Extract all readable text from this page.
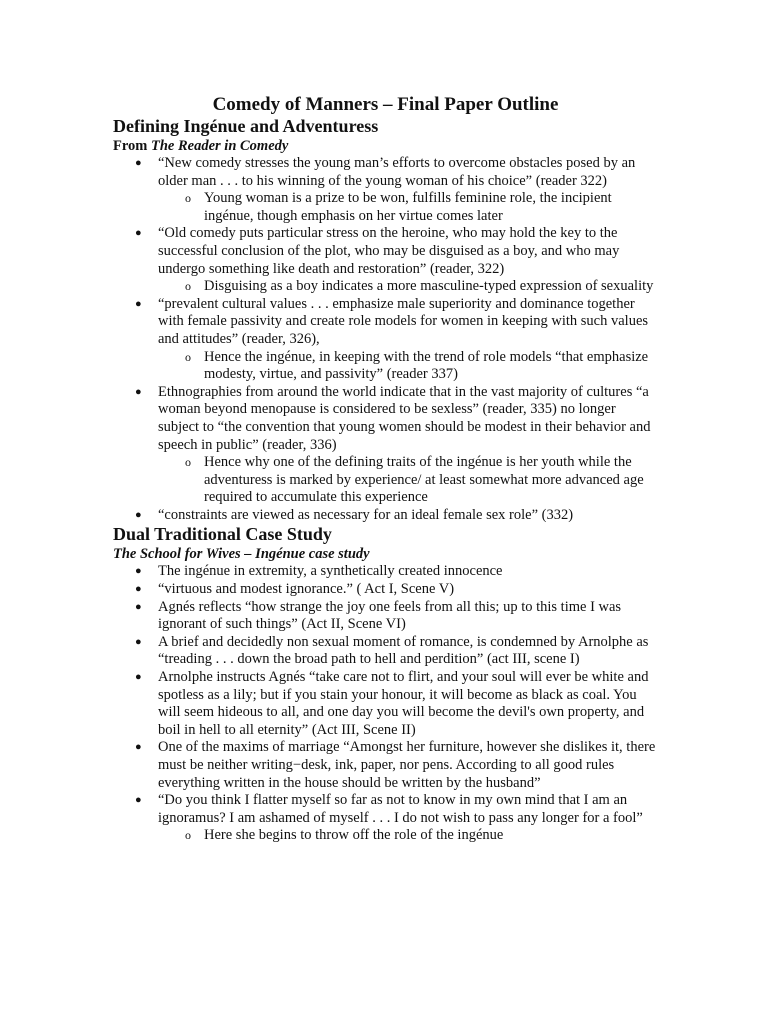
Comedy of Manners – Final Paper Outline
Defining Ingénue and Adventuress

From The Reader in Comedy

● “New comedy stresses the young man’s efforts to overcome obstacles posed by an older man . . . to his winning of the young woman of his choice” (reader 322)
o Young woman is a prize to be won, fulfills feminine role, the incipient ingénue, though emphasis on her virtue comes later
● “Old comedy puts particular stress on the heroine, who may hold the key to the successful conclusion of the plot, who may be disguised as a boy, and who may undergo something like death and restoration” (reader, 322)
o Disguising as a boy indicates a more masculine-typed expression of sexuality
● “prevalent cultural values . . . emphasize male superiority and dominance together with female passivity and create role models for women in keeping with such values and attitudes” (reader, 326),
o Hence the ingénue, in keeping with the trend of role models “that emphasize modesty, virtue, and passivity” (reader 337)
● Ethnographies from around the world indicate that in the vast majority of cultures “a woman beyond menopause is considered to be sexless” (reader, 335) no longer subject to “the convention that young women should be modest in their behavior and speech in public” (reader, 336)
o Hence why one of the defining traits of the ingénue is her youth while the adventuress is marked by experience/ at least somewhat more advanced age required to accumulate this experience
● “constraints are viewed as necessary for an ideal female sex role” (332)
Dual Traditional Case Study

The School for Wives – Ingénue case study

● The ingénue in extremity, a synthetically created innocence
● “virtuous and modest ignorance.” ( Act I, Scene V)
● Agnés reflects “how strange the joy one feels from all this; up to this time I was ignorant of such things” (Act II, Scene VI)
● A brief and decidedly non sexual moment of romance, is condemned by Arnolphe as “treading . . . down the broad path to hell and perdition” (act III, scene I)
● Arnolphe instructs Agnés “take care not to flirt, and your soul will ever be white and spotless as a lily; but if you stain your honour, it will become as black as coal. You will seem hideous to all, and one day you will become the devil's own property, and boil in hell to all eternity” (Act III, Scene II)
● One of the maxims of marriage “Amongst her furniture, however she dislikes it, there must be neither writing−desk, ink, paper, nor pens. According to all good rules everything written in the house should be written by the husband”
● “Do you think I flatter myself so far as not to know in my own mind that I am an ignoramus? I am ashamed of myself . . . I do not wish to pass any longer for a fool”
o Here she begins to throw off the role of the ingénue
